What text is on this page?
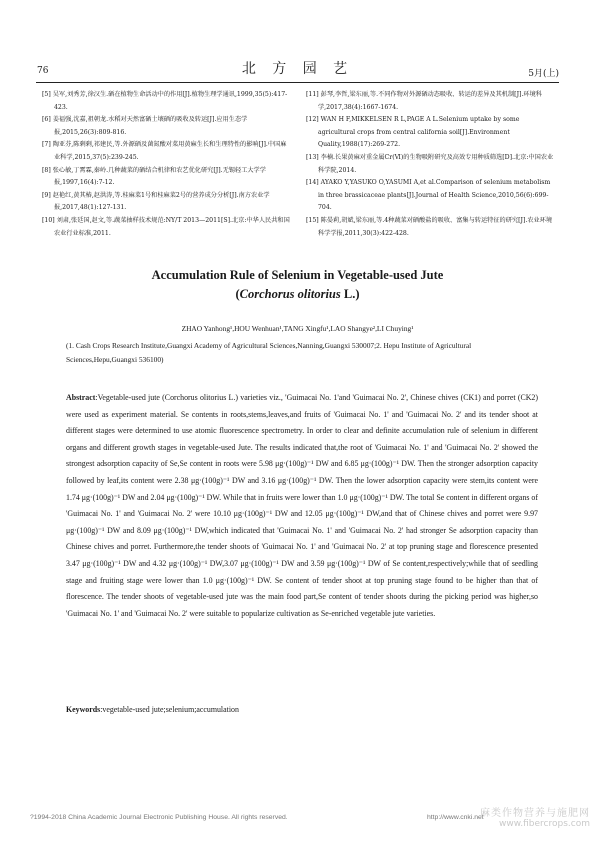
76	北 方 园 艺	5月(上)
[5] 吴军,刘秀芳,徐汉生.硒在植物生命活动中的作用[J].植物生理学通讯,1999,35(5):417-423.
[6] 姜福强,沈嘉,祖朝龙.水稻对天然富硒土壤硒的吸收及转运[J].应用生态学报,2015,26(3):809-816.
[7] 陶亚芬,陈剩剩,祁建民,等.外源硒及菌氮酸对菜用黄麻生长和生理特性的影响[J].中国麻业科学,2015,37(5):239-245.
[8] 张心敏,丁霄霖,秦岭.几种蔬菜的硒结合机律和农艺优化研究[J].无锡轻工大学学报,1997,16(4):7-12.
[9] 赵艳红,黄其椿,赵洪涛,等.桂麻菜1号和桂麻菜2号的营养成分分析[J].南方农业学报,2017,48(1):127-131.
[10] 刘肃,张廷国,赵文,等.蔬菜抽样技术规范:NY/T 2013—2011[S].北京:中华人民共和国农业行业标准,2011.
[11] 彭琴,李哲,梁东丽,等.不同作物对外源硒动态吸收、转运的差异及其机制[J].环境科学,2017,38(4):1667-1674.
[12] WAN H F,MIKKELSEN R L,PAGE A L.Selenium uptake by some agricultural crops from central california soil[J].Environment Quality,1988(17):269-272.
[13] 李楠.长果黄麻对重金属Cr(Ⅵ)的生物吸附研究及高效专用种质筛选[D].北京:中国农业科学院,2014.
[14] AYAKO Y,YASUKO O,YASUMI A,et al.Comparison of selenium metabolism in three brassicaceae plants[J].Journal of Health Science,2010,56(6):699-704.
[15] 陈晏莉,胡斌,梁东丽,等.4种蔬菜对硒酸盐的吸收、富集与转运特征的研究[J].农业环境科学学报,2011,30(3):422-428.
Accumulation Rule of Selenium in Vegetable-used Jute
(Corchorus olitorius L.)
ZHAO Yanhong¹,HOU Wenhuan¹,TANG Xingfu¹,LAO Shangye²,LI Chuying¹
(1. Cash Crops Research Institute,Guangxi Academy of Agricultural Sciences,Nanning,Guangxi 530007;2. Hepu Institute of Agricultural Sciences,Hepu,Guangxi 536100)
Abstract:Vegetable-used jute (Corchorus olitorius L.) varieties viz., 'Guimacai No. 1'and 'Guimacai No. 2', Chinese chives (CK1) and porret (CK2) were used as experiment material. Se contents in roots,stems,leaves,and fruits of 'Guimacai No. 1' and 'Guimacai No. 2' and its tender shoot at different stages were determined to use atomic fluorescence spectrometry. In order to clear and definite accumulation rule of selenium in different organs and different growth stages in vegetable-used Jute. The results indicated that,the root of 'Guimacai No. 1' and 'Guimacai No. 2' showed the strongest adsorption capacity of Se,Se content in roots were 5.98 μg·(100g)⁻¹ DW and 6.85 μg·(100g)⁻¹ DW. Then the stronger adsorption capacity followed by leaf,its content were 2.38 μg·(100g)⁻¹ DW and 3.16 μg·(100g)⁻¹ DW. Then the lower adsorption capacity were stem,its content were 1.74 μg·(100g)⁻¹ DW and 2.04 μg·(100g)⁻¹ DW. While that in fruits were lower than 1.0 μg·(100g)⁻¹ DW. The total Se content in different organs of 'Guimacai No. 1' and 'Guimacai No. 2' were 10.10 μg·(100g)⁻¹ DW and 12.05 μg·(100g)⁻¹ DW,and that of Chinese chives and porret were 9.97 μg·(100g)⁻¹ DW and 8.09 μg·(100g)⁻¹ DW,which indicated that 'Guimacai No. 1' and 'Guimacai No. 2' had stronger Se adsorption capacity than Chinese chives and porret. Furthermore,the tender shoots of 'Guimacai No. 1' and 'Guimacai No. 2' at top pruning stage and florescence presented 3.47 μg·(100g)⁻¹ DW and 4.32 μg·(100g)⁻¹ DW,3.07 μg·(100g)⁻¹ DW and 3.59 μg·(100g)⁻¹ DW of Se content,respectively;while that of seedling stage and fruiting stage were lower than 1.0 μg·(100g)⁻¹ DW. Se content of tender shoot at top pruning stage found to be higher than that of florescence. The tender shoots of vegetable-used jute was the main food part,Se content of tender shoots during the picking period was higher,so 'Guimacai No. 1' and 'Guimacai No. 2' were suitable to popularize cultivation as Se-enriched vegetable jute varieties.
Keywords:vegetable-used jute;selenium;accumulation
?1994-2018 China Academic Journal Electronic Publishing House. All rights reserved.	http://www.cnki.net
麻类作物营养与施肥网
www.fibercrops.com
